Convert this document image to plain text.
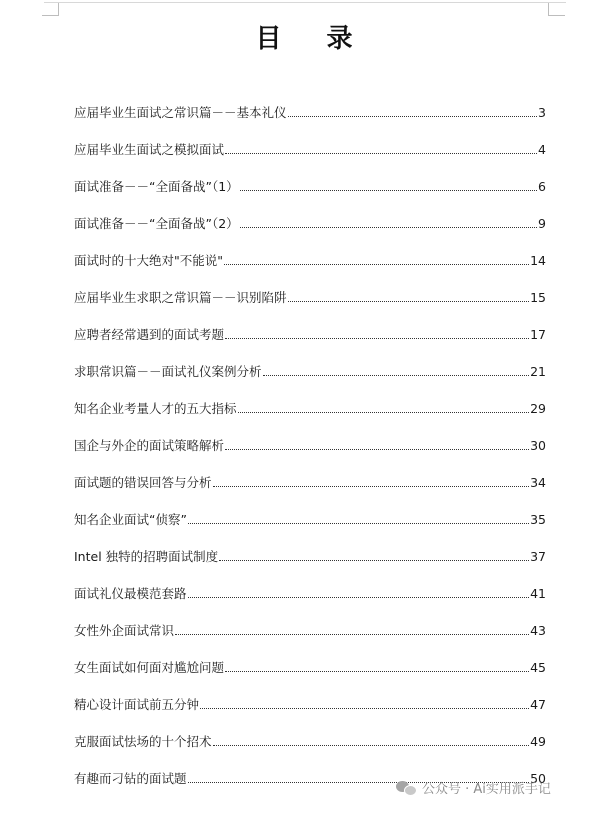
目 录
应届毕业生面试之常识篇－－基本礼仪	3
应届毕业生面试之模拟面试	4
面试准备－－“全面备战”（1）	6
面试准备－－“全面备战”（2）	9
面试时的十大绝对"不能说"	14
应届毕业生求职之常识篇－－识别陷阱	15
应聘者经常遇到的面试考题	17
求职常识篇－－面试礼仪案例分析	21
知名企业考量人才的五大指标	29
国企与外企的面试策略解析	30
面试题的错误回答与分析	34
知名企业面试“侦察”	35
Intel 独特的招聘面试制度	37
面试礼仪最模范套路	41
女性外企面试常识	43
女生面试如何面对尴尬问题	45
精心设计面试前五分钟	47
克服面试怯场的十个招术	49
有趣而刁钻的面试题	50
公众号 · Ai实用派手记
